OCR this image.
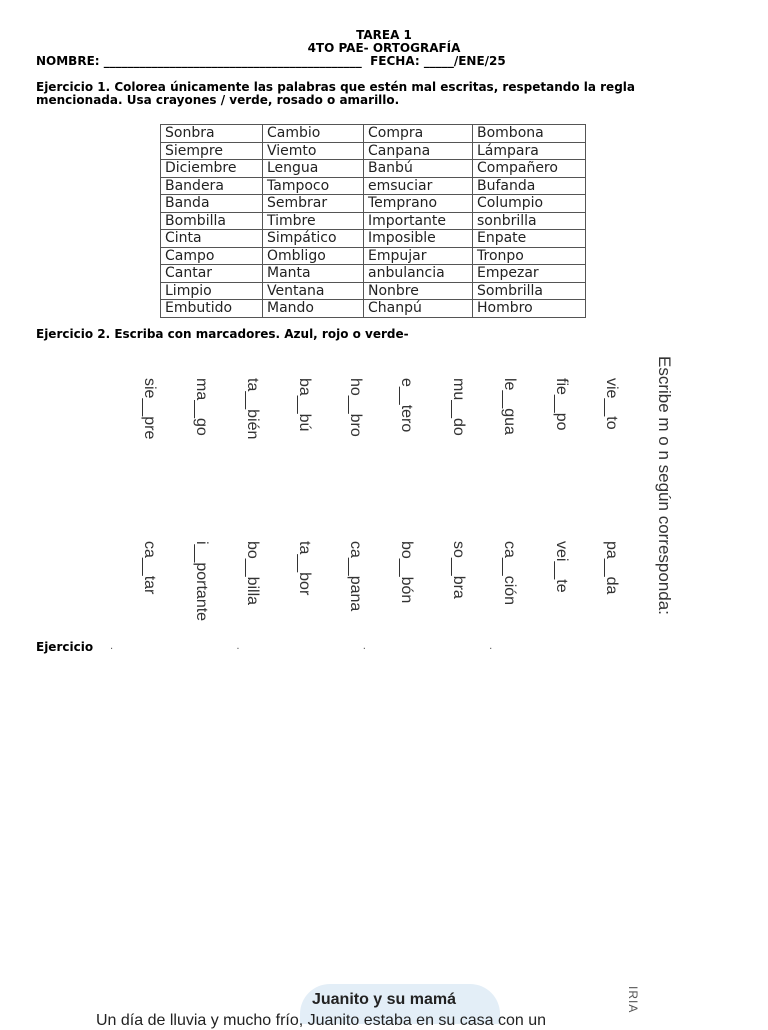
TAREA 1
4TO PAE- ORTOGRAFÍA
NOMBRE: ___________________________________________  FECHA: _____/ENE/25
Ejercicio 1. Colorea únicamente las palabras que estén mal escritas, respetando la regla
mencionada. Usa crayones / verde, rosado o amarillo.
Sonbra	Cambio	Compra	Bombona
Siempre	Viemto	Canpana	Lámpara
Diciembre	Lengua	Banbú	Compañero
Bandera	Tampoco	emsuciar	Bufanda
Banda	Sembrar	Temprano	Columpio
Bombilla	Timbre	Importante	sonbrilla
Cinta	Simpático	Imposible	Enpate
Campo	Ombligo	Empujar	Tronpo
Cantar	Manta	anbulancia	Empezar
Limpio	Ventana	Nonbre	Sombrilla
Embutido	Mando	Chanpú	Hombro
Ejercicio 2. Escriba con marcadores. Azul, rojo o verde-
Escribe m o n según corresponda:
vie__to
fie__po
le__gua
mu__do
e__tero
ho__bro
ba__bú
ta__bién
ma__go
sie__pre
pa__da
vei__te
ca__ción
so__bra
bo__bón
ca__pana
ta__bor
bo__billa
i__portante
ca__tar
Ejercicio . . . .
Juanito y su mamá
Un día de lluvia y mucho frío, Juanito estaba en su casa con un
IRIA
